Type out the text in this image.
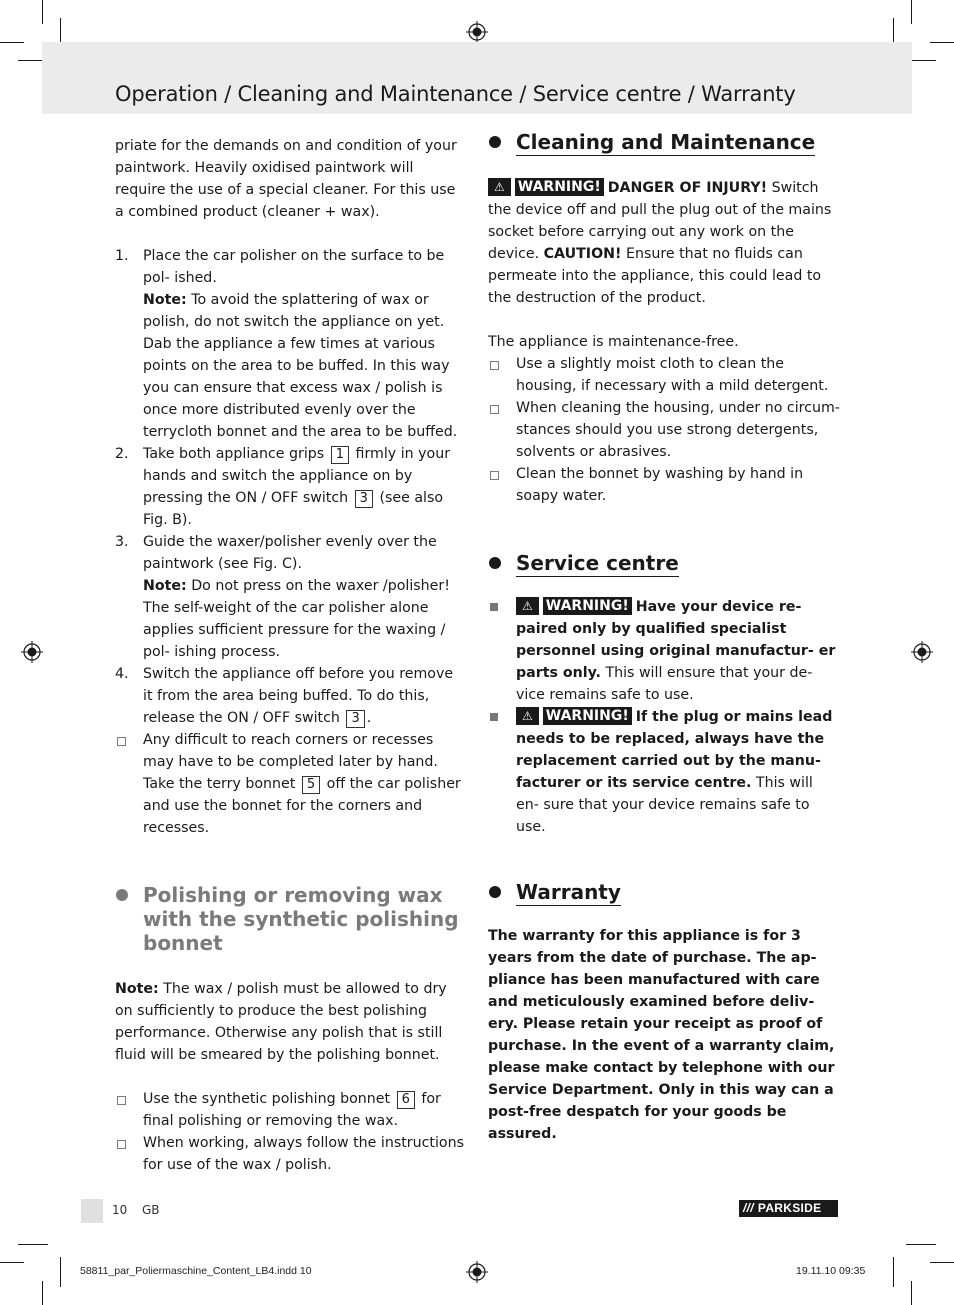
Operation / Cleaning and Maintenance / Service centre / Warranty

priate for the demands on and condition of your paintwork. Heavily oxidised paintwork will require the use of a special cleaner. For this use a combined product (cleaner + wax).

1. Place the car polisher on the surface to be pol- ished.

Note: To avoid the splattering of wax or polish, do not switch the appliance on yet. Dab the appliance a few times at various points on the area to be buffed. In this way you can ensure that excess wax / polish is once more distributed evenly over the terrycloth bonnet and the area to be buffed.

2. Take both appliance grips 1 firmly in your hands and switch the appliance on by pressing the ON / OFF switch 3 (see also Fig. B).

3. Guide the waxer/polisher evenly over the paintwork (see Fig. C).

Note: Do not press on the waxer /polisher! The self-weight of the car polisher alone applies sufficient pressure for the waxing / pol- ishing process.

4. Switch the appliance off before you remove it from the area being buffed. To do this, release the ON / OFF switch 3 .

Any difficult to reach corners or recesses may have to be completed later by hand. Take the terry bonnet 5 off the car polisher and use the bonnet for the corners and recesses.

Polishing or removing wax with the synthetic polishing bonnet

Note: The wax / polish must be allowed to dry on sufficiently to produce the best polishing performance. Otherwise any polish that is still fluid will be smeared by the polishing bonnet.

Use the synthetic polishing bonnet 6 for final polishing or removing the wax.

When working, always follow the instructions for use of the wax / polish.

Cleaning and Maintenance

⚠ WARNING! DANGER OF INJURY! Switch the device off and pull the plug out of the mains socket before carrying out any work on the device. CAUTION! Ensure that no fluids can permeate into the appliance, this could lead to the destruction of the product.

The appliance is maintenance-free.

Use a slightly moist cloth to clean the housing, if necessary with a mild detergent.

When cleaning the housing, under no circum- stances should you use strong detergents, solvents or abrasives.

Clean the bonnet by washing by hand in soapy water.

Service centre

⚠ WARNING! Have your device re- paired only by qualified specialist personnel using original manufactur- er parts only. This will ensure that your de- vice remains safe to use.

⚠ WARNING! If the plug or mains lead needs to be replaced, always have the replacement carried out by the manu- facturer or its service centre. This will en- sure that your device remains safe to use.

Warranty

The warranty for this appliance is for 3 years from the date of purchase. The ap- pliance has been manufactured with care and meticulously examined before deliv- ery. Please retain your receipt as proof of purchase. In the event of a warranty claim, please make contact by telephone with our Service Department. Only in this way can a post-free despatch for your goods be assured.

10 GB	/// PARKSIDE
58811_par_Poliermaschine_Content_LB4.indd 10	19.11.10 09:35
